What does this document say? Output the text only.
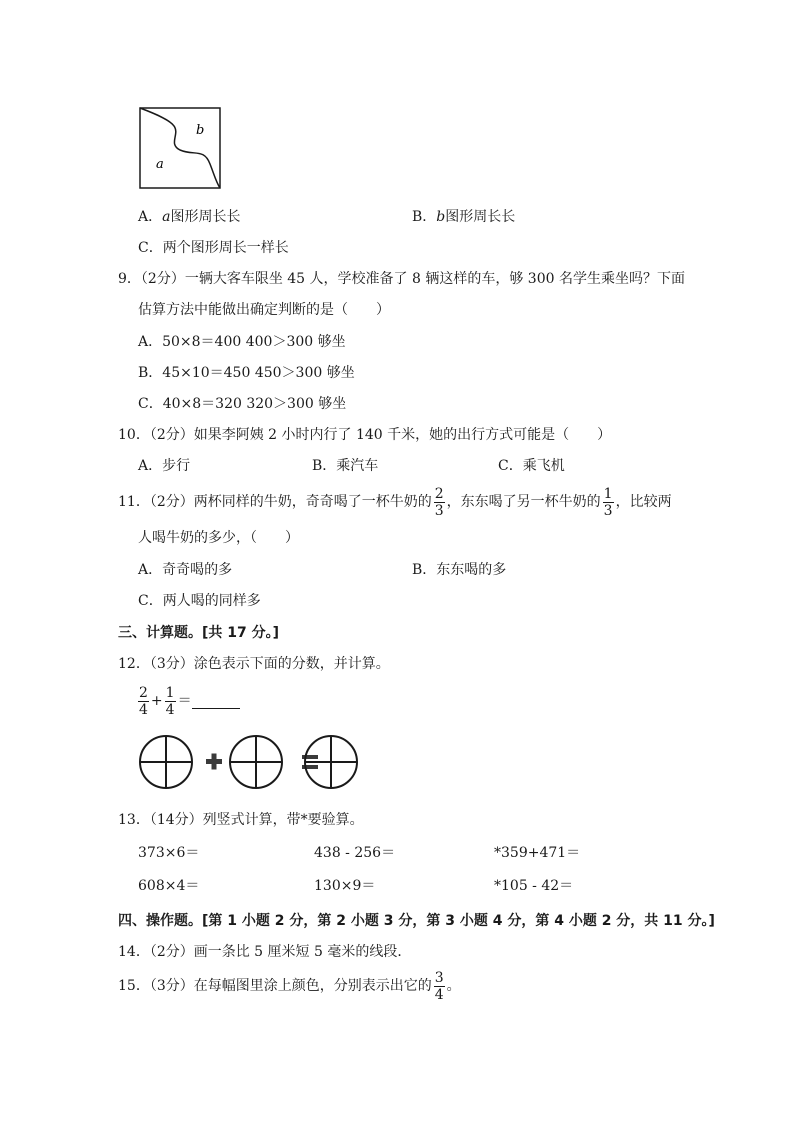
b
a
A．a图形周长长	B．b图形周长长
C．两个图形周长一样长
9．（2分）一辆大客车限坐 45 人，学校准备了 8 辆这样的车，够 300 名学生乘坐吗？下面
估算方法中能做出确定判断的是（　　）
A．50×8＝400 400＞300 够坐
B．45×10＝450 450＞300 够坐
C．40×8＝320 320＞300 够坐
10．（2分）如果李阿姨 2 小时内行了 140 千米，她的出行方式可能是（　　）
A．步行	B．乘汽车	C．乘飞机
11．（2分）两杯同样的牛奶，奇奇喝了一杯牛奶的 $\frac{2}{3}$ ，东东喝了另一杯牛奶的 $\frac{1}{3}$ ，比较两
人喝牛奶的多少，（　　）
A．奇奇喝的多	B．东东喝的多
C．两人喝的同样多
三、计算题。[共 17 分。]
12．（3分）涂色表示下面的分数，并计算。
$\frac{2}{4} + \frac{1}{4}$ ＝
13．（14分）列竖式计算，带*要验算。
373×6＝	438 - 256＝	*359+471＝
608×4＝	130×9＝	*105 - 42＝
四、操作题。[第 1 小题 2 分，第 2 小题 3 分，第 3 小题 4 分，第 4 小题 2 分，共 11 分。]
14．（2分）画一条比 5 厘米短 5 毫米的线段．
15．（3分）在每幅图里涂上颜色，分别表示出它的 $\frac{3}{4}$ 。
